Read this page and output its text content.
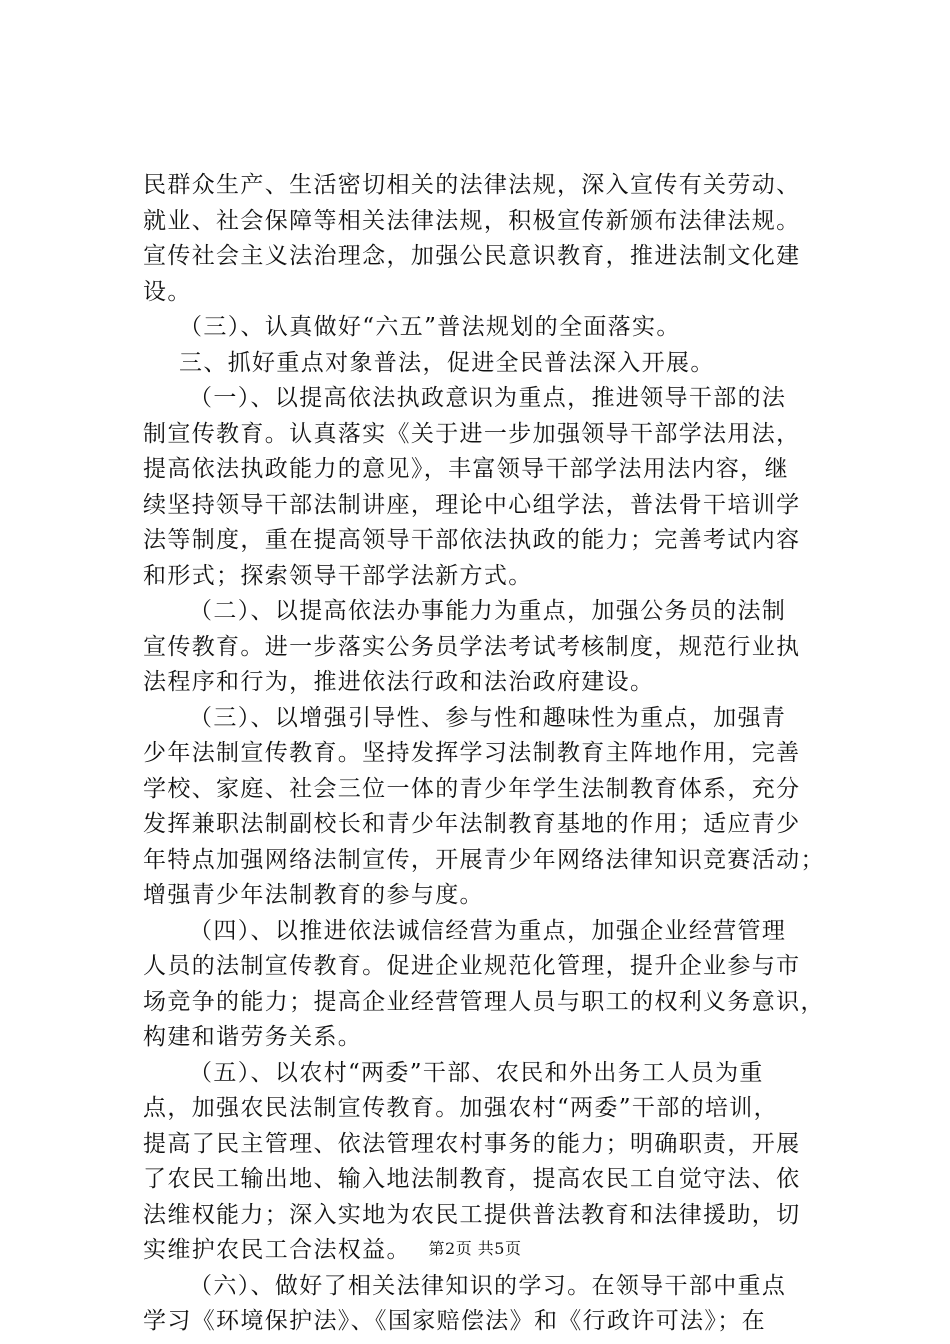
民群众生产、生活密切相关的法律法规，深入宣传有关劳动、
就业、社会保障等相关法律法规，积极宣传新颁布法律法规。
宣传社会主义法治理念，加强公民意识教育，推进法制文化建
设。
（三）、认真做好“六五”普法规划的全面落实。
三、抓好重点对象普法，促进全民普法深入开展。
（一）、以提高依法执政意识为重点，推进领导干部的法
制宣传教育。认真落实《关于进一步加强领导干部学法用法，
提高依法执政能力的意见》，丰富领导干部学法用法内容，继
续坚持领导干部法制讲座，理论中心组学法，普法骨干培训学
法等制度，重在提高领导干部依法执政的能力；完善考试内容
和形式；探索领导干部学法新方式。
（二）、以提高依法办事能力为重点，加强公务员的法制
宣传教育。进一步落实公务员学法考试考核制度，规范行业执
法程序和行为，推进依法行政和法治政府建设。
（三）、以增强引导性、参与性和趣味性为重点，加强青
少年法制宣传教育。坚持发挥学习法制教育主阵地作用，完善
学校、家庭、社会三位一体的青少年学生法制教育体系，充分
发挥兼职法制副校长和青少年法制教育基地的作用；适应青少
年特点加强网络法制宣传，开展青少年网络法律知识竞赛活动；
增强青少年法制教育的参与度。
（四）、以推进依法诚信经营为重点，加强企业经营管理
人员的法制宣传教育。促进企业规范化管理，提升企业参与市
场竞争的能力；提高企业经营管理人员与职工的权利义务意识，
构建和谐劳务关系。
（五）、以农村“两委”干部、农民和外出务工人员为重
点，加强农民法制宣传教育。加强农村“两委”干部的培训，
提高了民主管理、依法管理农村事务的能力；明确职责，开展
了农民工输出地、输入地法制教育，提高农民工自觉守法、依
法维权能力；深入实地为农民工提供普法教育和法律援助，切
实维护农民工合法权益。
（六）、做好了相关法律知识的学习。在领导干部中重点
学习《环境保护法》、《国家赔偿法》和《行政许可法》；在
第2页 共5页
